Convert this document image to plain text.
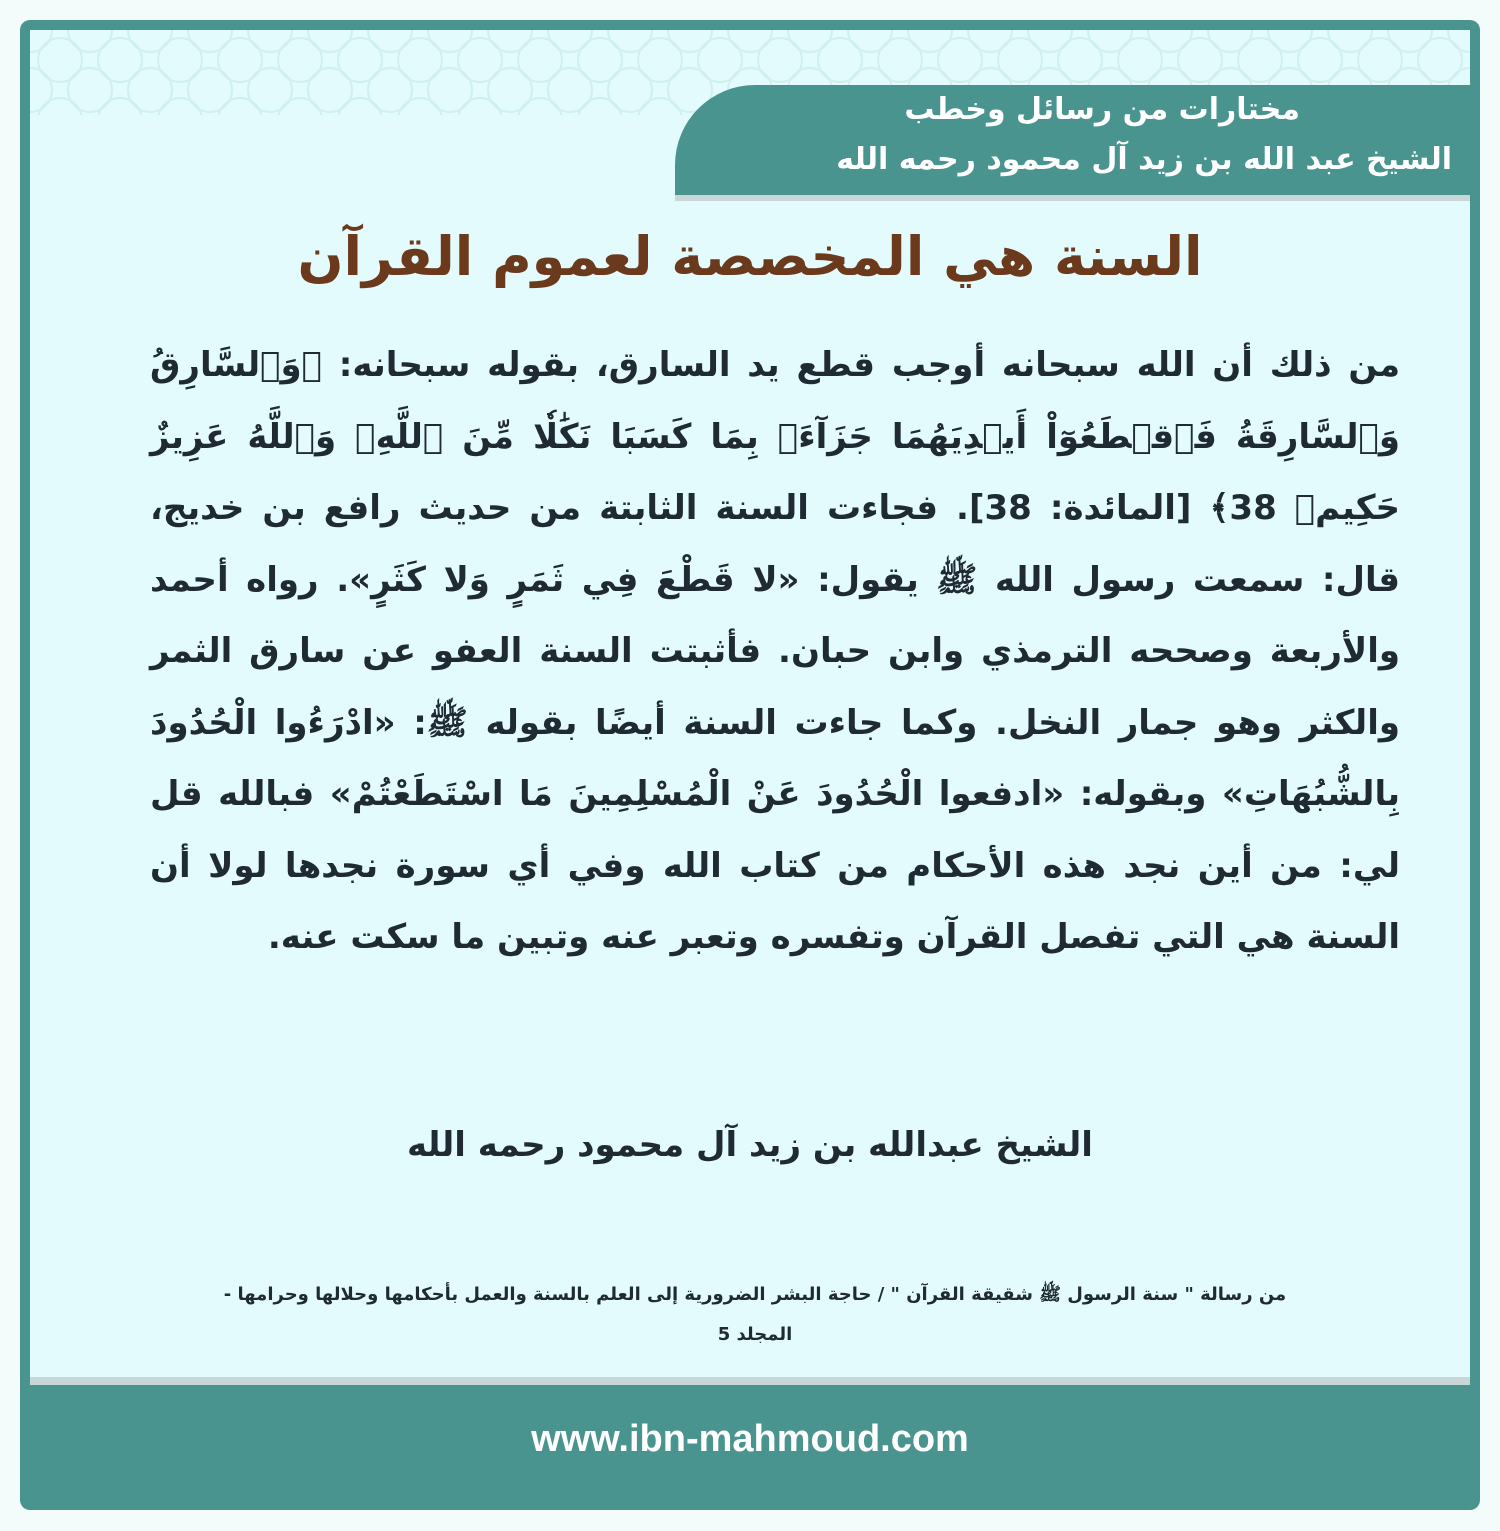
مختارات من رسائل وخطب
الشيخ عبد الله بن زيد آل محمود رحمه الله
السنة هي المخصصة لعموم القرآن
من ذلك أن الله سبحانه أوجب قطع يد السارق، بقوله سبحانه: ﴿وَٱلسَّارِقُ وَٱلسَّارِقَةُ فَٱقۡطَعُوٓاْ أَيۡدِيَهُمَا جَزَآءَۢ بِمَا كَسَبَا نَكَٰلٗا مِّنَ ٱللَّهِۗ وَٱللَّهُ عَزِيزٌ حَكِيمٞ 38﴾ [المائدة: 38]. فجاءت السنة الثابتة من حديث رافع بن خديج، قال: سمعت رسول الله ﷺ يقول: «لا قَطْعَ فِي ثَمَرٍ وَلا كَثَرٍ». رواه أحمد والأربعة وصححه الترمذي وابن حبان. فأثبتت السنة العفو عن سارق الثمر والكثر وهو جمار النخل. وكما جاءت السنة أيضًا بقوله ﷺ: «ادْرَءُوا الْحُدُودَ بِالشُّبُهَاتِ» وبقوله: «ادفعوا الْحُدُودَ عَنْ الْمُسْلِمِينَ مَا اسْتَطَعْتُمْ» فبالله قل لي: من أين نجد هذه الأحكام من كتاب الله وفي أي سورة نجدها لولا أن السنة هي التي تفصل القرآن وتفسره وتعبر عنه وتبين ما سكت عنه.
الشيخ عبدالله بن زيد آل محمود رحمه الله
من رسالة " سنة الرسول ﷺ شقيقة القرآن " / حاجة البشر الضرورية إلى العلم بالسنة والعمل بأحكامها وحلالها وحرامها -
المجلد 5
www.ibn-mahmoud.com
